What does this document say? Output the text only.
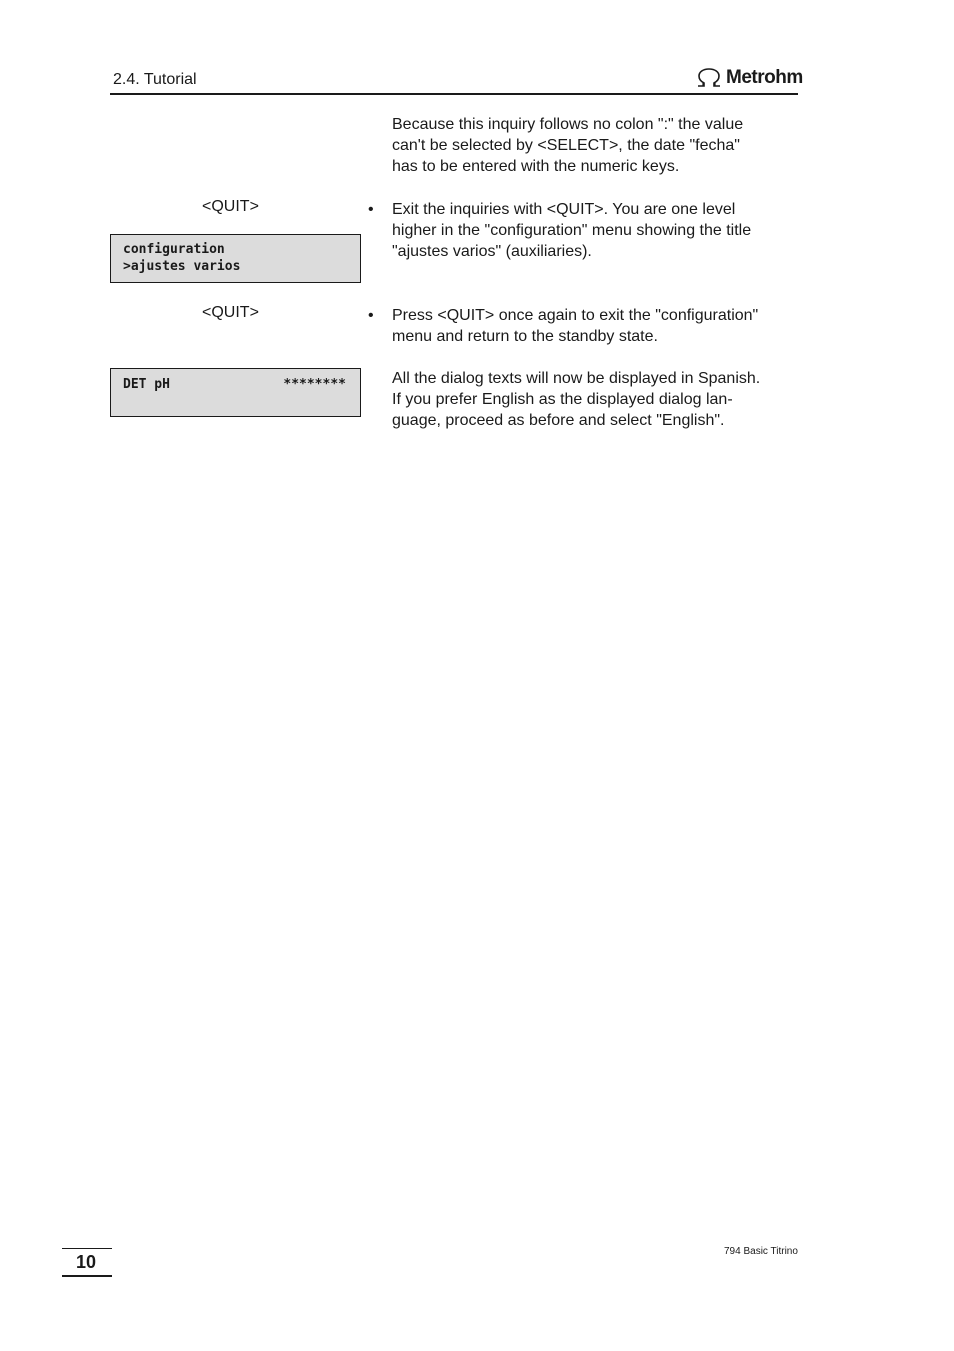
2.4. Tutorial	Metrohm
Because this inquiry follows no colon ":" the value
can't be selected by <SELECT>, the date "fecha"
has to be entered with the numeric keys.
<QUIT>	• Exit the inquiries with <QUIT>. You are one level
higher in the "configuration" menu showing the title
"ajustes varios" (auxiliaries).
configuration
>ajustes varios
<QUIT>	• Press <QUIT> once again to exit the "configuration"
menu and return to the standby state.
DET pH	********	All the dialog texts will now be displayed in Spanish.
If you prefer English as the displayed dialog lan-
guage, proceed as before and select "English".
10
794 Basic Titrino
